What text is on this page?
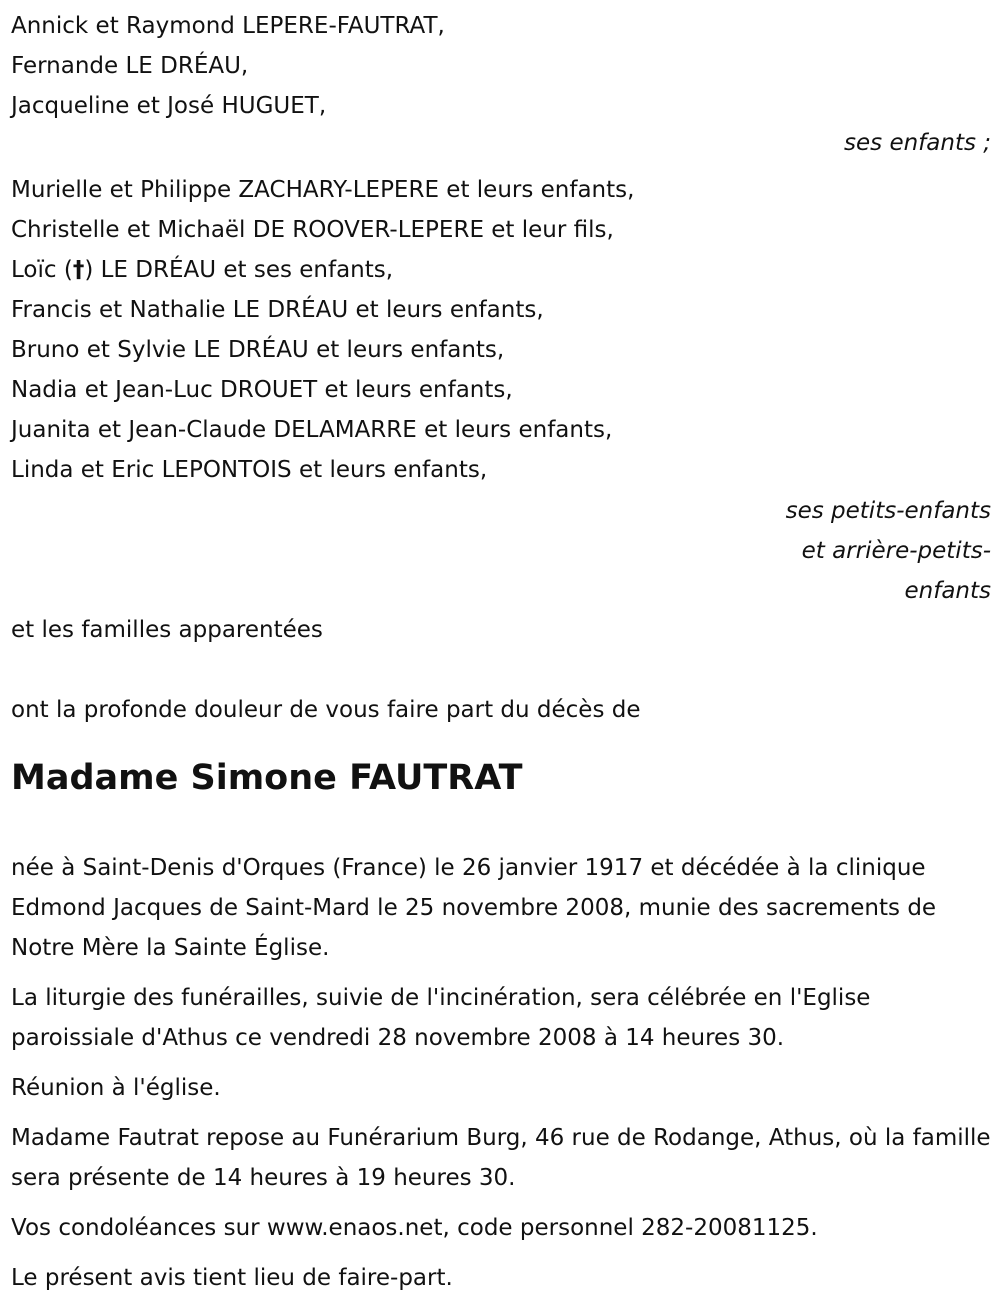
Annick et Raymond LEPERE-FAUTRAT,
Fernande LE DRÉAU,
Jacqueline et José HUGUET,
ses enfants ;
Murielle et Philippe ZACHARY-LEPERE et leurs enfants,
Christelle et Michaël DE ROOVER-LEPERE et leur fils,
Loïc (†) LE DRÉAU et ses enfants,
Francis et Nathalie LE DRÉAU et leurs enfants,
Bruno et Sylvie LE DRÉAU et leurs enfants,
Nadia et Jean-Luc DROUET et leurs enfants,
Juanita et Jean-Claude DELAMARRE et leurs enfants,
Linda et Eric LEPONTOIS et leurs enfants,
ses petits-enfants
et arrière-petits-
enfants
et les familles apparentées
ont la profonde douleur de vous faire part du décès de
Madame Simone FAUTRAT

née à Saint-Denis d'Orques (France) le 26 janvier 1917 et décédée à la clinique Edmond Jacques de Saint-Mard le 25 novembre 2008, munie des sacrements de Notre Mère la Sainte Église.

La liturgie des funérailles, suivie de l'incinération, sera célébrée en l'Eglise paroissiale d'Athus ce vendredi 28 novembre 2008 à 14 heures 30.

Réunion à l'église.

Madame Fautrat repose au Funérarium Burg, 46 rue de Rodange, Athus, où la famille sera présente de 14 heures à 19 heures 30.

Vos condoléances sur www.enaos.net, code personnel 282-20081125.

Le présent avis tient lieu de faire-part.
